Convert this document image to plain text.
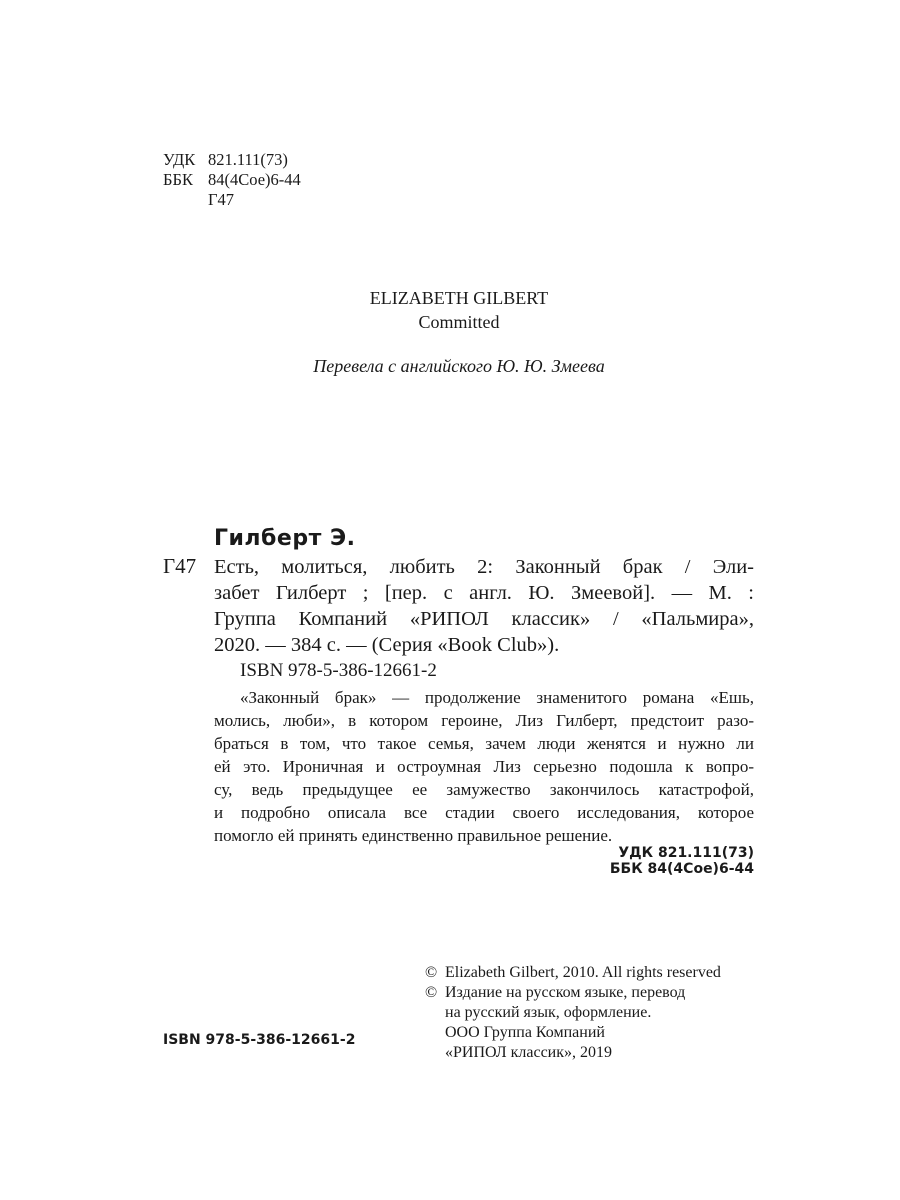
УДК 821.111(73)
ББК 84(4Сое)6-44
Г47
ELIZABETH GILBERT
Committed
Перевела с английского Ю. Ю. Змеева
Гилберт Э.
Г47 Есть, молиться, любить 2: Законный брак / Эли-

забет Гилберт ; [пер. с англ. Ю. Змеевой]. — М. :

Группа Компаний «РИПОЛ классик» / «Пальмира»,

2020. — 384 с. — (Серия «Book Club»).

ISBN 978-5-386-12661-2
«Законный брак» — продолжение знаменитого романа «Ешь,
молись, люби», в котором героине, Лиз Гилберт, предстоит разо-
браться в том, что такое семья, зачем люди женятся и нужно ли
ей это. Ироничная и остроумная Лиз серьезно подошла к вопро-
су, ведь предыдущее ее замужество закончилось катастрофой,
и подробно описала все стадии своего исследования, которое
помогло ей принять единственно правильное решение.
УДК 821.111(73)
ББК 84(4Сое)6-44
© Elizabeth Gilbert, 2010. All rights reserved
© Издание на русском языке, перевод
на русский язык, оформление.
ООО Группа Компаний
«РИПОЛ классик», 2019
ISBN 978-5-386-12661-2
